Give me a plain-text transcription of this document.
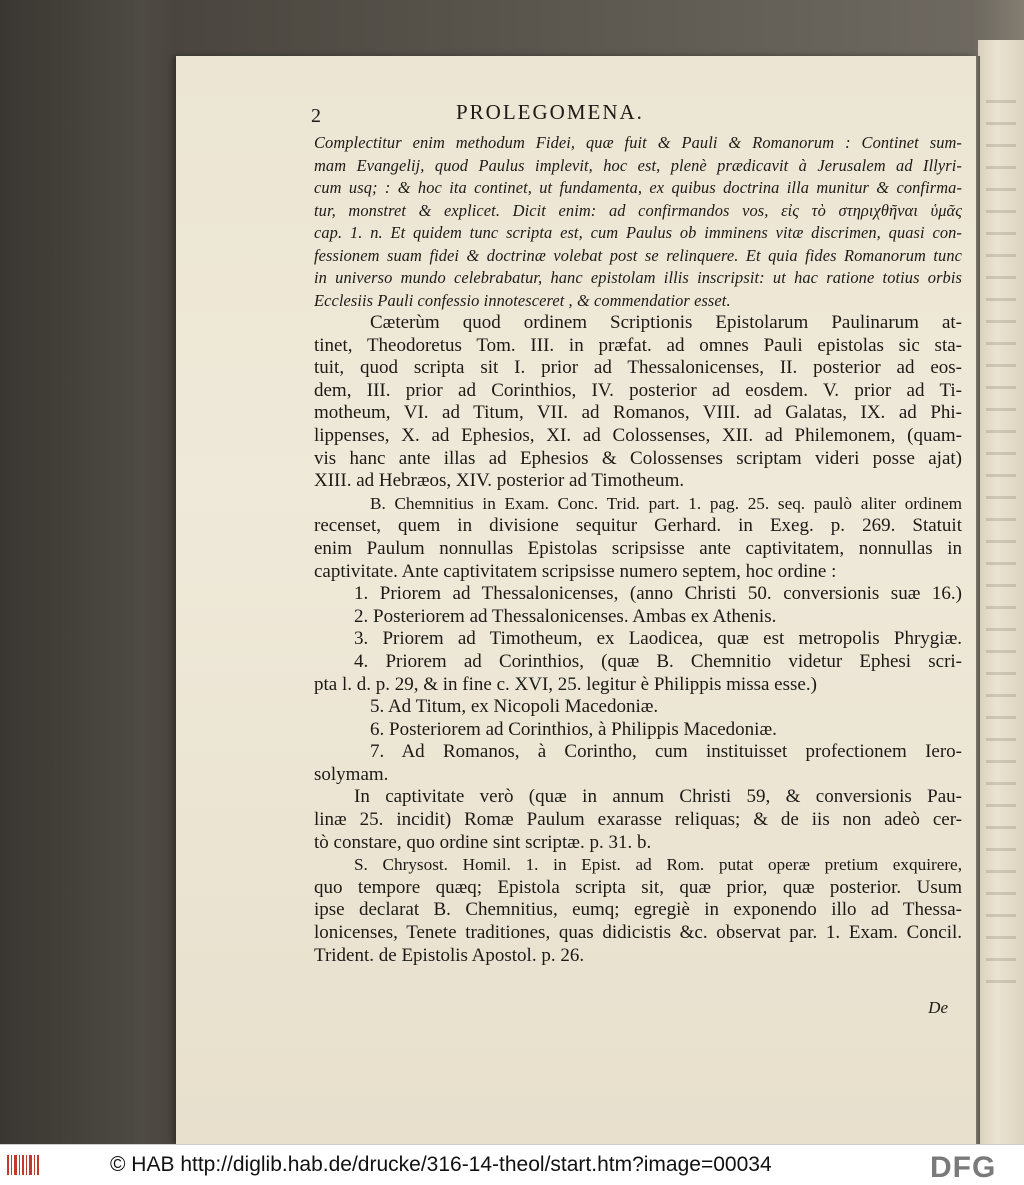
2	PROLEGOMENA.
Complectitur enim methodum Fidei, quæ fuit & Pauli & Romanorum : Continet sum-
mam Evangelij, quod Paulus implevit, hoc est, plenè prædicavit à Jerusalem ad Illyri-
cum usq; : & hoc ita continet, ut fundamenta, ex quibus doctrina illa munitur & confirma-
tur, monstret & explicet. Dicit enim: ad confirmandos vos, εἰς τὸ στηριχθῆναι ὑμᾶς
cap. 1. n. Et quidem tunc scripta est, cum Paulus ob imminens vitæ discrimen, quasi con-
fessionem suam fidei & doctrinæ volebat post se relinquere. Et quia fides Romanorum tunc
in universo mundo celebrabatur, hanc epistolam illis inscripsit: ut hac ratione totius orbis
Ecclesiis Pauli confessio innotesceret , & commendatior esset.
Cæterùm quod ordinem Scriptionis Epistolarum Paulinarum at-
tinet, Theodoretus Tom. III. in præfat. ad omnes Pauli epistolas sic sta-
tuit, quod scripta sit I. prior ad Thessalonicenses, II. posterior ad eos-
dem, III. prior ad Corinthios, IV. posterior ad eosdem. V. prior ad Ti-
motheum, VI. ad Titum, VII. ad Romanos, VIII. ad Galatas, IX. ad Phi-
lippenses, X. ad Ephesios, XI. ad Colossenses, XII. ad Philemonem, (quam-
vis hanc ante illas ad Ephesios & Colossenses scriptam videri posse ajat)
XIII. ad Hebræos, XIV. posterior ad Timotheum.
B. Chemnitius in Exam. Conc. Trid. part. 1. pag. 25. seq. paulò aliter ordinem
recenset, quem in divisione sequitur Gerhard. in Exeg. p. 269. Statuit
enim Paulum nonnullas Epistolas scripsisse ante captivitatem, nonnullas in
captivitate. Ante captivitatem scripsisse numero septem, hoc ordine :
1. Priorem ad Thessalonicenses, (anno Christi 50. conversionis suæ 16.)
2. Posteriorem ad Thessalonicenses. Ambas ex Athenis.
3. Priorem ad Timotheum, ex Laodicea, quæ est metropolis Phrygiæ.
4. Priorem ad Corinthios, (quæ B. Chemnitio videtur Ephesi scri-
pta l. d. p. 29, & in fine c. XVI, 25. legitur è Philippis missa esse.)
5. Ad Titum, ex Nicopoli Macedoniæ.
6. Posteriorem ad Corinthios, à Philippis Macedoniæ.
7. Ad Romanos, à Corintho, cum instituisset profectionem Iero-
solymam.
In captivitate verò (quæ in annum Christi 59, & conversionis Pau-
linæ 25. incidit) Romæ Paulum exarasse reliquas; & de iis non adeò cer-
tò constare, quo ordine sint scriptæ. p. 31. b.
S. Chrysost. Homil. 1. in Epist. ad Rom. putat operæ pretium exquirere,
quo tempore quæq; Epistola scripta sit, quæ prior, quæ posterior. Usum
ipse declarat B. Chemnitius, eumq; egregiè in exponendo illo ad Thessa-
lonicenses, Tenete traditiones, quas didicistis &c. observat par. 1. Exam. Concil.
Trident. de Epistolis Apostol. p. 26.
De
© HAB http://diglib.hab.de/drucke/316-14-theol/start.htm?image=00034	DFG
